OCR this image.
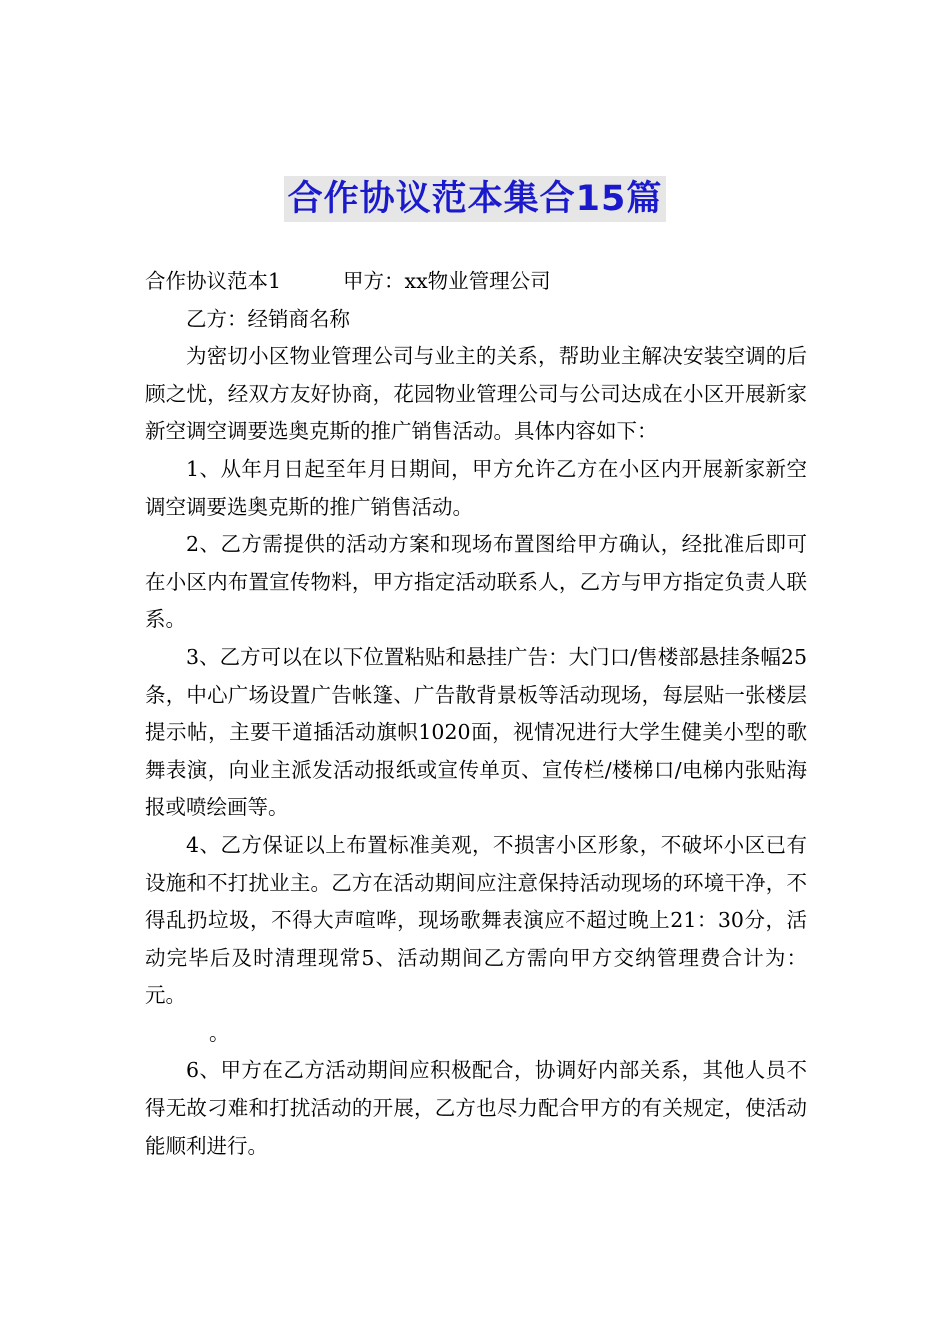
合作协议范本集合15篇
合作协议范本1	甲方：xx物业管理公司
乙方：经销商名称

为密切小区物业管理公司与业主的关系，帮助业主解决安装空调的后顾之忧，经双方友好协商，花园物业管理公司与公司达成在小区开展新家新空调空调要选奥克斯的推广销售活动。具体内容如下：

1、从年月日起至年月日期间，甲方允许乙方在小区内开展新家新空调空调要选奥克斯的推广销售活动。

2、乙方需提供的活动方案和现场布置图给甲方确认，经批准后即可在小区内布置宣传物料，甲方指定活动联系人，乙方与甲方指定负责人联系。

3、乙方可以在以下位置粘贴和悬挂广告：大门口/售楼部悬挂条幅25条，中心广场设置广告帐篷、广告散背景板等活动现场，每层贴一张楼层提示帖，主要干道插活动旗帜1020面，视情况进行大学生健美小型的歌舞表演，向业主派发活动报纸或宣传单页、宣传栏/楼梯口/电梯内张贴海报或喷绘画等。

4、乙方保证以上布置标准美观，不损害小区形象，不破坏小区已有设施和不打扰业主。乙方在活动期间应注意保持活动现场的环境干净，不得乱扔垃圾，不得大声喧哗，现场歌舞表演应不超过晚上21：30分，活动完毕后及时清理现常5、活动期间乙方需向甲方交纳管理费合计为：元。

。

6、甲方在乙方活动期间应积极配合，协调好内部关系，其他人员不得无故刁难和打扰活动的开展，乙方也尽力配合甲方的有关规定，使活动能顺利进行。
